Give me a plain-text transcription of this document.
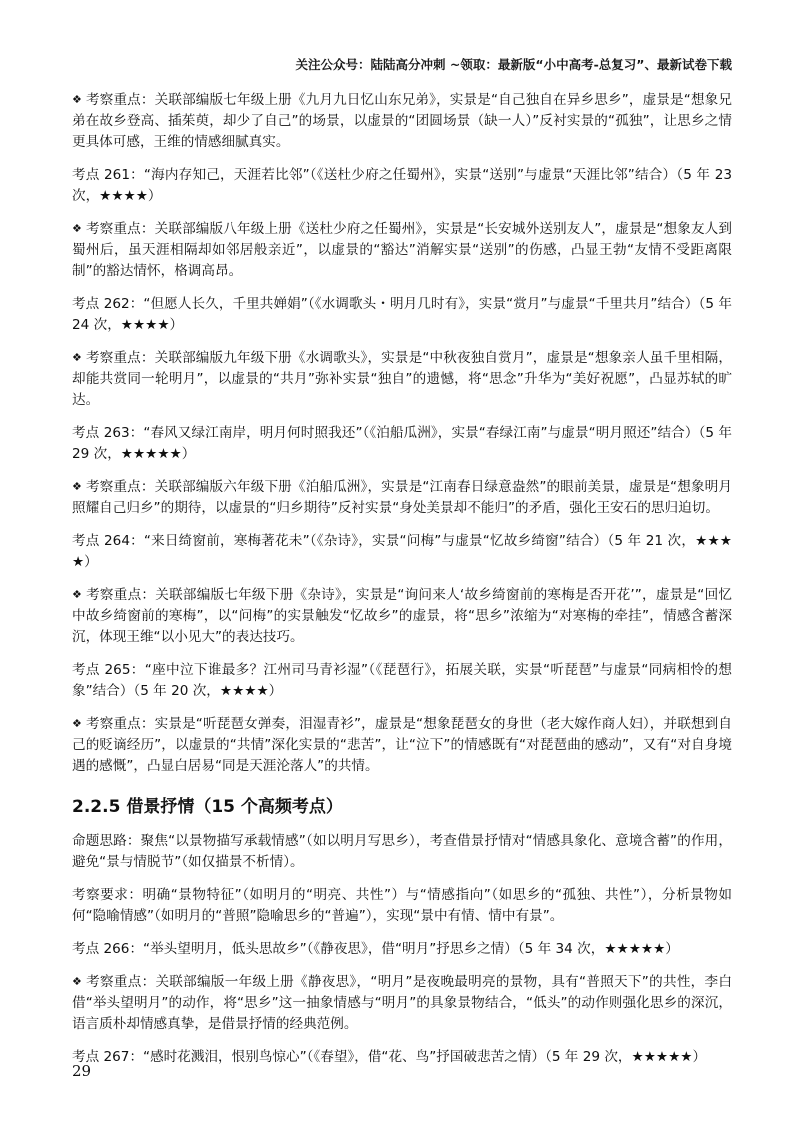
关注公众号：陆陆高分冲刺 ~领取：最新版“小中高考-总复习”、最新试卷下载

❖ 考察重点：关联部编版七年级上册《九月九日忆山东兄弟》，实景是“自己独自在异乡思乡”，虚景是“想象兄弟在故乡登高、插茱萸，却少了自己”的场景，以虚景的“团圆场景（缺一人）”反衬实景的“孤独”，让思乡之情更具体可感，王维的情感细腻真实。

考点 261：“海内存知己，天涯若比邻”（《送杜少府之任蜀州》，实景“送别”与虚景“天涯比邻”结合）（5 年 23 次，★★★★）

❖ 考察重点：关联部编版八年级上册《送杜少府之任蜀州》，实景是“长安城外送别友人”，虚景是“想象友人到蜀州后，虽天涯相隔却如邻居般亲近”，以虚景的“豁达”消解实景“送别”的伤感，凸显王勃“友情不受距离限制”的豁达情怀，格调高昂。

考点 262：“但愿人长久，千里共婵娟”（《水调歌头・明月几时有》，实景“赏月”与虚景“千里共月”结合）（5 年 24 次，★★★★）

❖ 考察重点：关联部编版九年级下册《水调歌头》，实景是“中秋夜独自赏月”，虚景是“想象亲人虽千里相隔，却能共赏同一轮明月”，以虚景的“共月”弥补实景“独自”的遗憾，将“思念”升华为“美好祝愿”，凸显苏轼的旷达。

考点 263：“春风又绿江南岸，明月何时照我还”（《泊船瓜洲》，实景“春绿江南”与虚景“明月照还”结合）（5 年 29 次，★★★★★）

❖ 考察重点：关联部编版六年级下册《泊船瓜洲》，实景是“江南春日绿意盎然”的眼前美景，虚景是“想象明月照耀自己归乡”的期待，以虚景的“归乡期待”反衬实景“身处美景却不能归”的矛盾，强化王安石的思归迫切。

考点 264：“来日绮窗前，寒梅著花未”（《杂诗》，实景“问梅”与虚景“忆故乡绮窗”结合）（5 年 21 次，★★★★）

❖ 考察重点：关联部编版七年级下册《杂诗》，实景是“询问来人‘故乡绮窗前的寒梅是否开花’”，虚景是“回忆中故乡绮窗前的寒梅”，以“问梅”的实景触发“忆故乡”的虚景，将“思乡”浓缩为“对寒梅的牵挂”，情感含蓄深沉，体现王维“以小见大”的表达技巧。

考点 265：“座中泣下谁最多？江州司马青衫湿”（《琵琶行》，拓展关联，实景“听琵琶”与虚景“同病相怜的想象”结合）（5 年 20 次，★★★★）

❖ 考察重点：实景是“听琵琶女弹奏，泪湿青衫”，虚景是“想象琵琶女的身世（老大嫁作商人妇），并联想到自己的贬谪经历”，以虚景的“共情”深化实景的“悲苦”，让“泣下”的情感既有“对琵琶曲的感动”，又有“对自身境遇的感慨”，凸显白居易“同是天涯沦落人”的共情。

2.2.5 借景抒情（15 个高频考点）

命题思路：聚焦“以景物描写承载情感”（如以明月写思乡），考查借景抒情对“情感具象化、意境含蓄”的作用，避免“景与情脱节”（如仅描景不析情）。

考察要求：明确“景物特征”（如明月的“明亮、共性”）与“情感指向”（如思乡的“孤独、共性”），分析景物如何“隐喻情感”（如明月的“普照”隐喻思乡的“普遍”），实现“景中有情、情中有景”。

考点 266：“举头望明月，低头思故乡”（《静夜思》，借“明月”抒思乡之情）（5 年 34 次，★★★★★）

❖ 考察重点：关联部编版一年级上册《静夜思》，“明月”是夜晚最明亮的景物，具有“普照天下”的共性，李白借“举头望明月”的动作，将“思乡”这一抽象情感与“明月”的具象景物结合，“低头”的动作则强化思乡的深沉，语言质朴却情感真挚，是借景抒情的经典范例。

考点 267：“感时花溅泪，恨别鸟惊心”（《春望》，借“花、鸟”抒国破悲苦之情）（5 年 29 次，★★★★★）

29
